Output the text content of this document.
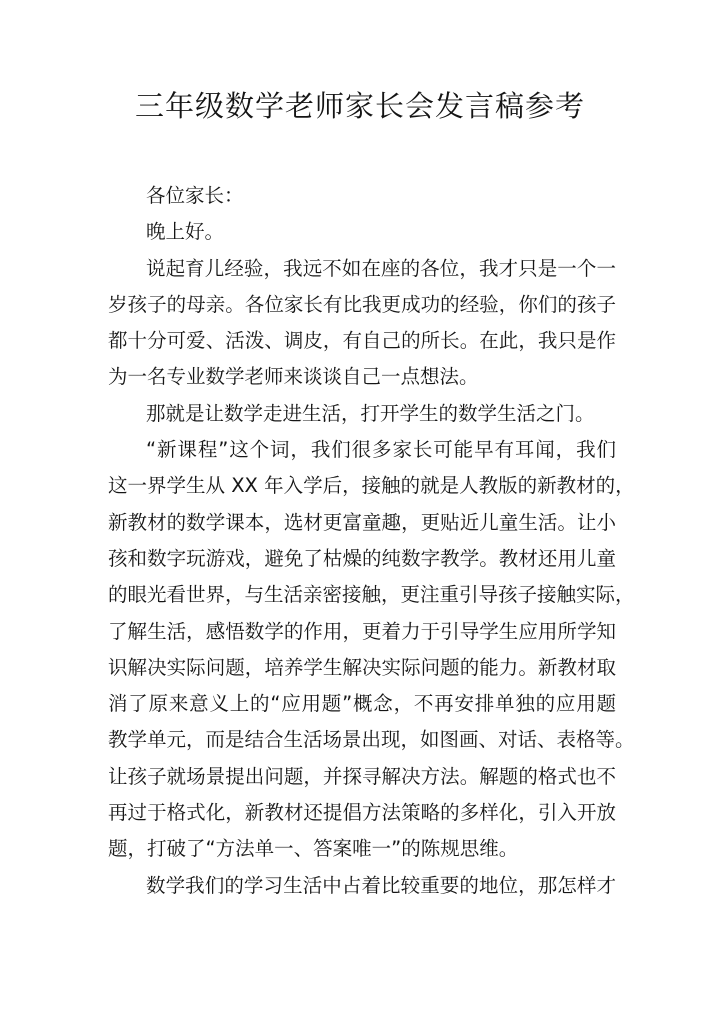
三年级数学老师家长会发言稿参考
各位家长：
晚上好。
说起育儿经验，我远不如在座的各位，我才只是一个一
岁孩子的母亲。各位家长有比我更成功的经验，你们的孩子
都十分可爱、活泼、调皮，有自己的所长。在此，我只是作
为一名专业数学老师来谈谈自己一点想法。
那就是让数学走进生活，打开学生的数学生活之门。
“新课程”这个词，我们很多家长可能早有耳闻，我们
这一界学生从 XX 年入学后，接触的就是人教版的新教材的，
新教材的数学课本，选材更富童趣，更贴近儿童生活。让小
孩和数字玩游戏，避免了枯燥的纯数字教学。教材还用儿童
的眼光看世界，与生活亲密接触，更注重引导孩子接触实际，
了解生活，感悟数学的作用，更着力于引导学生应用所学知
识解决实际问题，培养学生解决实际问题的能力。新教材取
消了原来意义上的“应用题”概念，不再安排单独的应用题
教学单元，而是结合生活场景出现，如图画、对话、表格等。
让孩子就场景提出问题，并探寻解决方法。解题的格式也不
再过于格式化，新教材还提倡方法策略的多样化，引入开放
题，打破了“方法单一、答案唯一”的陈规思维。
数学我们的学习生活中占着比较重要的地位，那怎样才
